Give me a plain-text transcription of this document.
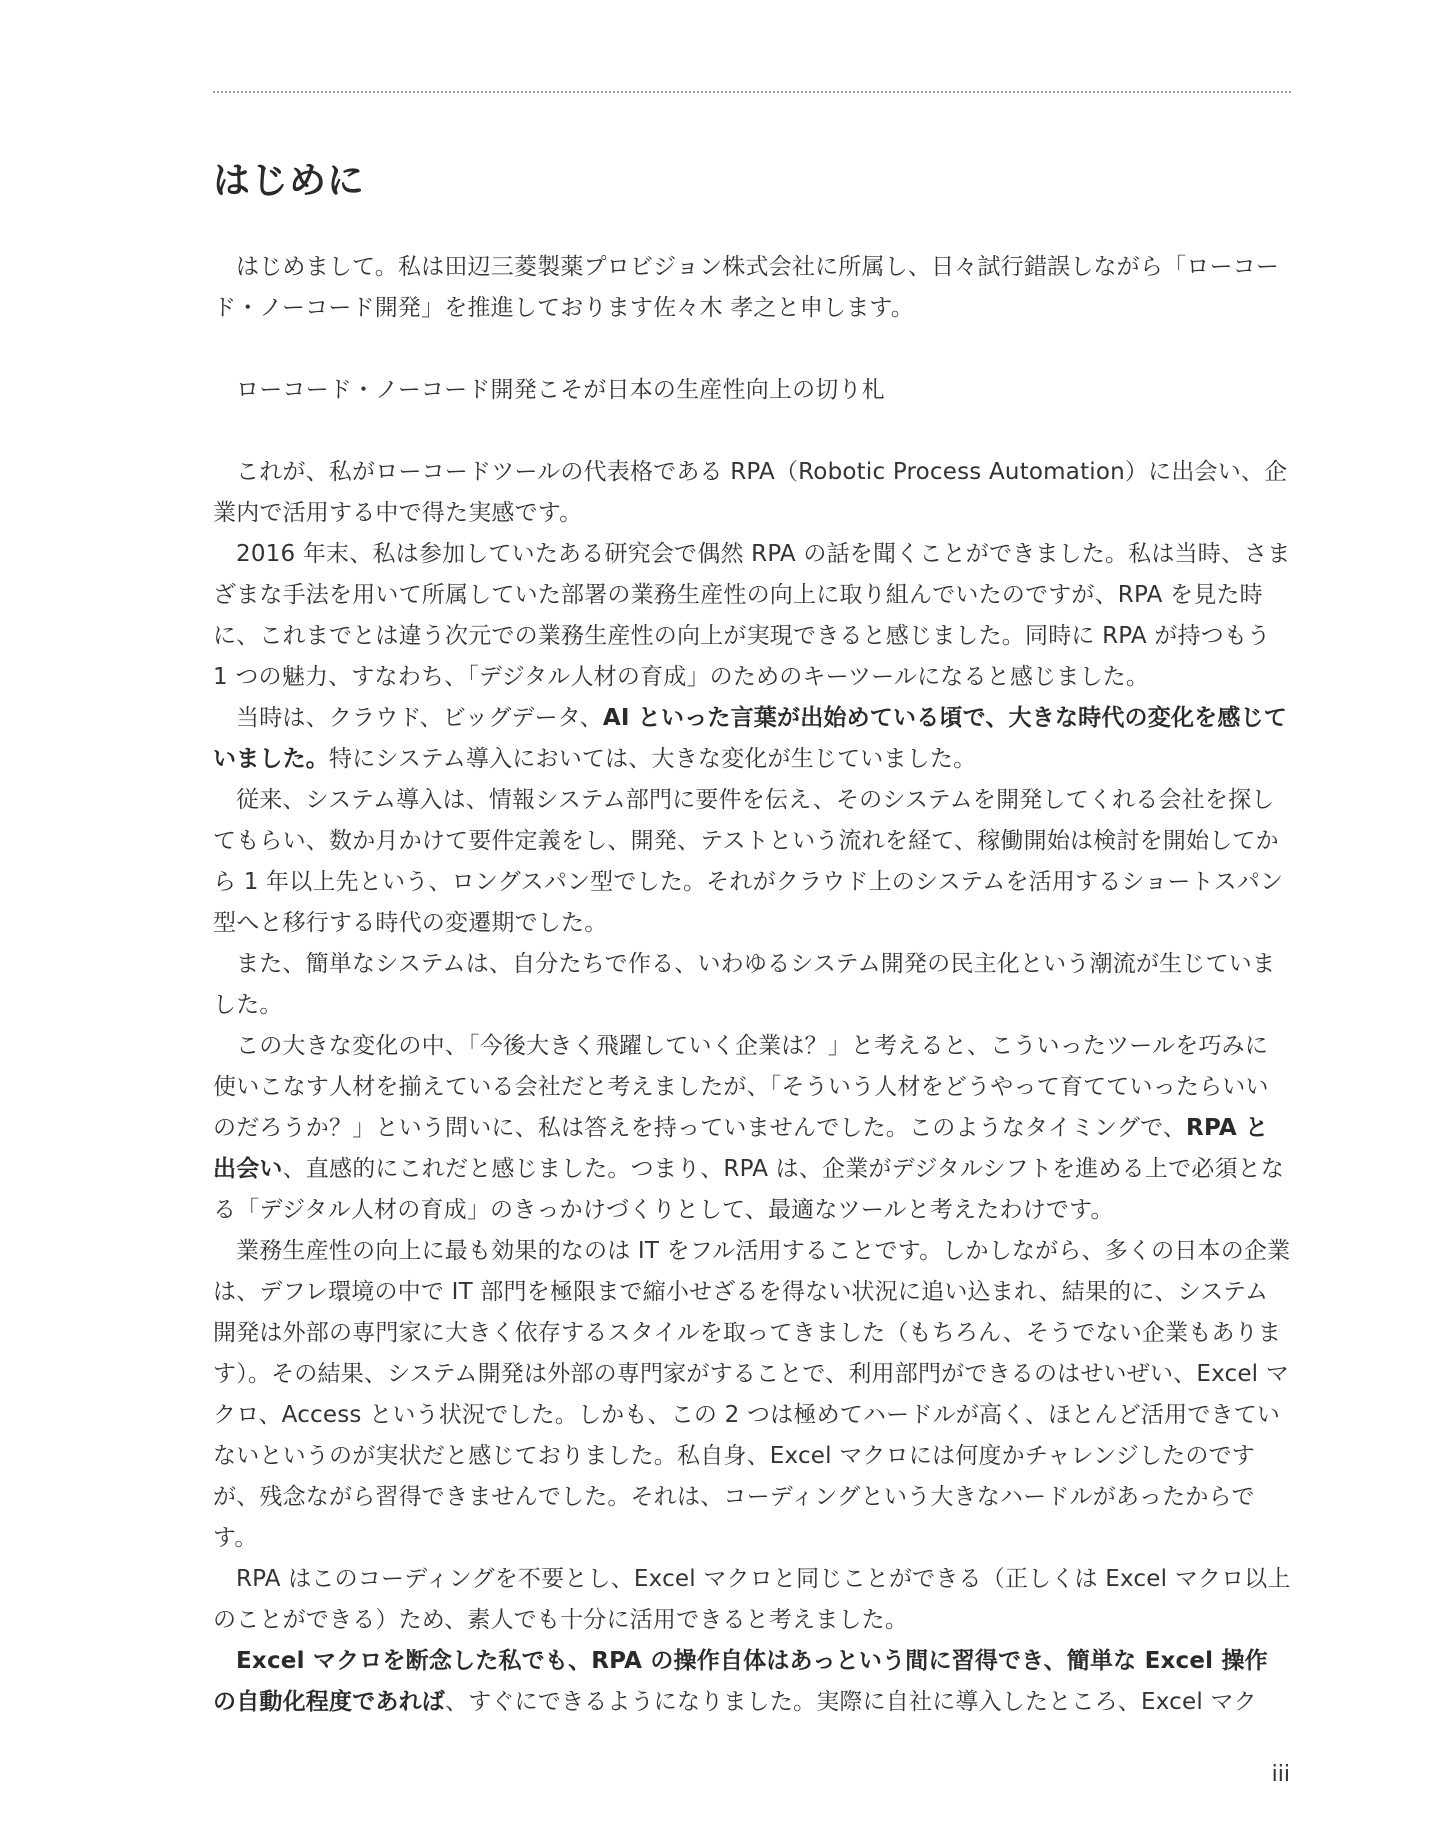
はじめに

はじめまして。私は田辺三菱製薬プロビジョン株式会社に所属し、日々試行錯誤しながら「ローコード・ノーコード開発」を推進しております佐々木 孝之と申します。

ローコード・ノーコード開発こそが日本の生産性向上の切り札

これが、私がローコードツールの代表格である RPA（Robotic Process Automation）に出会い、企業内で活用する中で得た実感です。

2016 年末、私は参加していたある研究会で偶然 RPA の話を聞くことができました。私は当時、さまざまな手法を用いて所属していた部署の業務生産性の向上に取り組んでいたのですが、RPA を見た時に、これまでとは違う次元での業務生産性の向上が実現できると感じました。同時に RPA が持つもう 1 つの魅力、すなわち、「デジタル人材の育成」のためのキーツールになると感じました。

当時は、クラウド、ビッグデータ、AI といった言葉が出始めている頃で、大きな時代の変化を感じていました。特にシステム導入においては、大きな変化が生じていました。

従来、システム導入は、情報システム部門に要件を伝え、そのシステムを開発してくれる会社を探してもらい、数か月かけて要件定義をし、開発、テストという流れを経て、稼働開始は検討を開始してから 1 年以上先という、ロングスパン型でした。それがクラウド上のシステムを活用するショートスパン型へと移行する時代の変遷期でした。

また、簡単なシステムは、自分たちで作る、いわゆるシステム開発の民主化という潮流が生じていました。

この大きな変化の中、「今後大きく飛躍していく企業は？」と考えると、こういったツールを巧みに使いこなす人材を揃えている会社だと考えましたが、「そういう人材をどうやって育てていったらいいのだろうか？」という問いに、私は答えを持っていませんでした。このようなタイミングで、RPA と出会い、直感的にこれだと感じました。つまり、RPA は、企業がデジタルシフトを進める上で必須となる「デジタル人材の育成」のきっかけづくりとして、最適なツールと考えたわけです。

業務生産性の向上に最も効果的なのは IT をフル活用することです。しかしながら、多くの日本の企業は、デフレ環境の中で IT 部門を極限まで縮小せざるを得ない状況に追い込まれ、結果的に、システム開発は外部の専門家に大きく依存するスタイルを取ってきました（もちろん、そうでない企業もあります）。その結果、システム開発は外部の専門家がすることで、利用部門ができるのはせいぜい、Excel マクロ、Access という状況でした。しかも、この 2 つは極めてハードルが高く、ほとんど活用できていないというのが実状だと感じておりました。私自身、Excel マクロには何度かチャレンジしたのですが、残念ながら習得できませんでした。それは、コーディングという大きなハードルがあったからです。

RPA はこのコーディングを不要とし、Excel マクロと同じことができる（正しくは Excel マクロ以上のことができる）ため、素人でも十分に活用できると考えました。

Excel マクロを断念した私でも、RPA の操作自体はあっという間に習得でき、簡単な Excel 操作の自動化程度であれば、すぐにできるようになりました。実際に自社に導入したところ、Excel マク

iii
